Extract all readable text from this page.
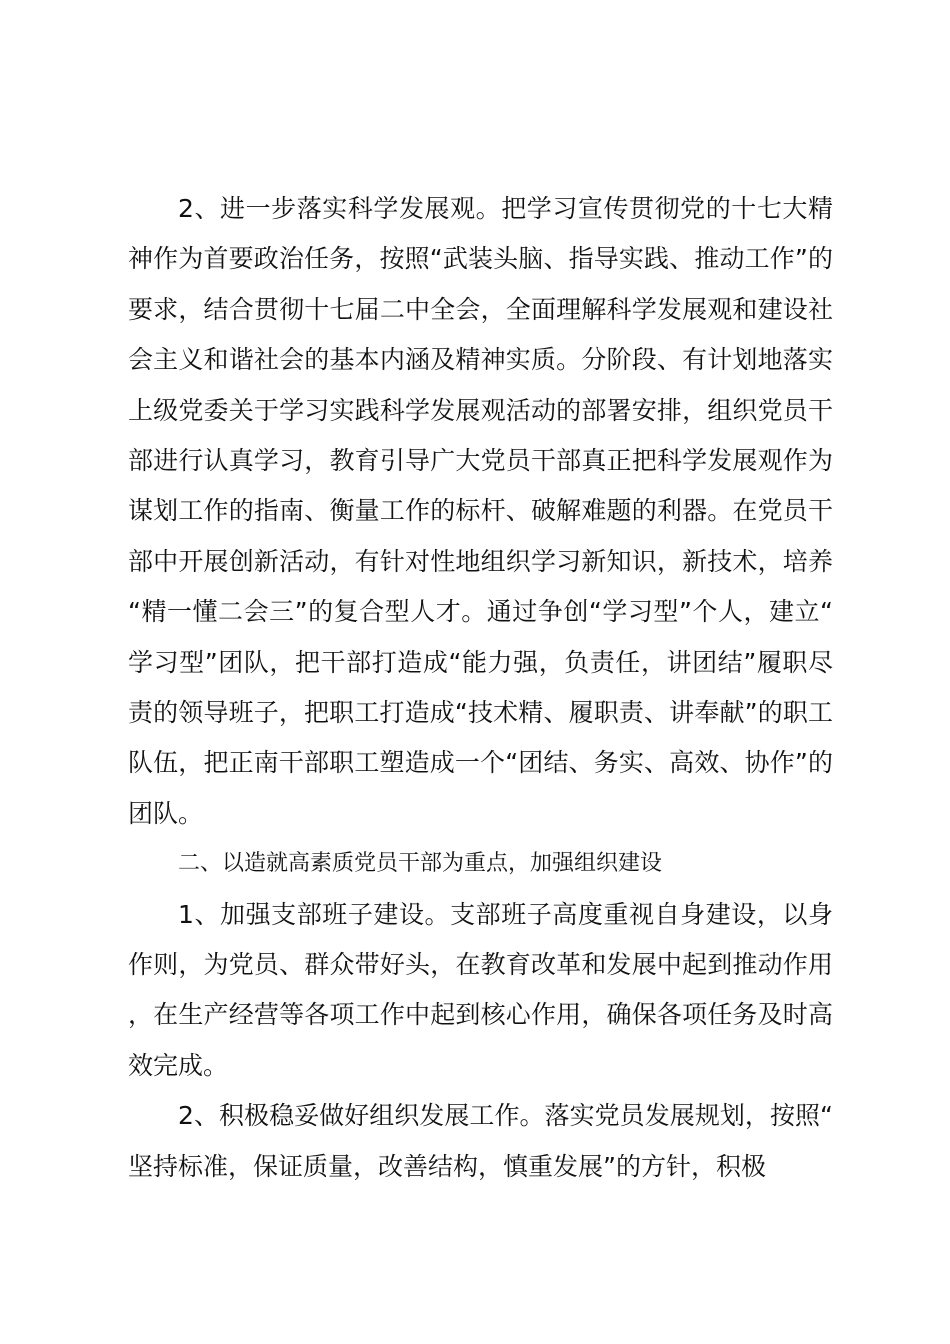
2、进一步落实科学发展观。把学习宣传贯彻党的十七大精神作为首要政治任务，按照“武装头脑、指导实践、推动工作”的要求，结合贯彻十七届二中全会，全面理解科学发展观和建设社会主义和谐社会的基本内涵及精神实质。分阶段、有计划地落实上级党委关于学习实践科学发展观活动的部署安排，组织党员干部进行认真学习，教育引导广大党员干部真正把科学发展观作为谋划工作的指南、衡量工作的标杆、破解难题的利器。在党员干部中开展创新活动，有针对性地组织学习新知识，新技术，培养“精一懂二会三”的复合型人才。通过争创“学习型”个人，建立“学习型”团队，把干部打造成“能力强，负责任，讲团结”履职尽责的领导班子，把职工打造成“技术精、履职责、讲奉献”的职工队伍，把正南干部职工塑造成一个“团结、务实、高效、协作”的团队。

二、以造就高素质党员干部为重点，加强组织建设

1、加强支部班子建设。支部班子高度重视自身建设，以身作则，为党员、群众带好头，在教育改革和发展中起到推动作用，在生产经营等各项工作中起到核心作用，确保各项任务及时高效完成。

2、积极稳妥做好组织发展工作。落实党员发展规划，按照“坚持标准，保证质量，改善结构，慎重发展”的方针，积极
